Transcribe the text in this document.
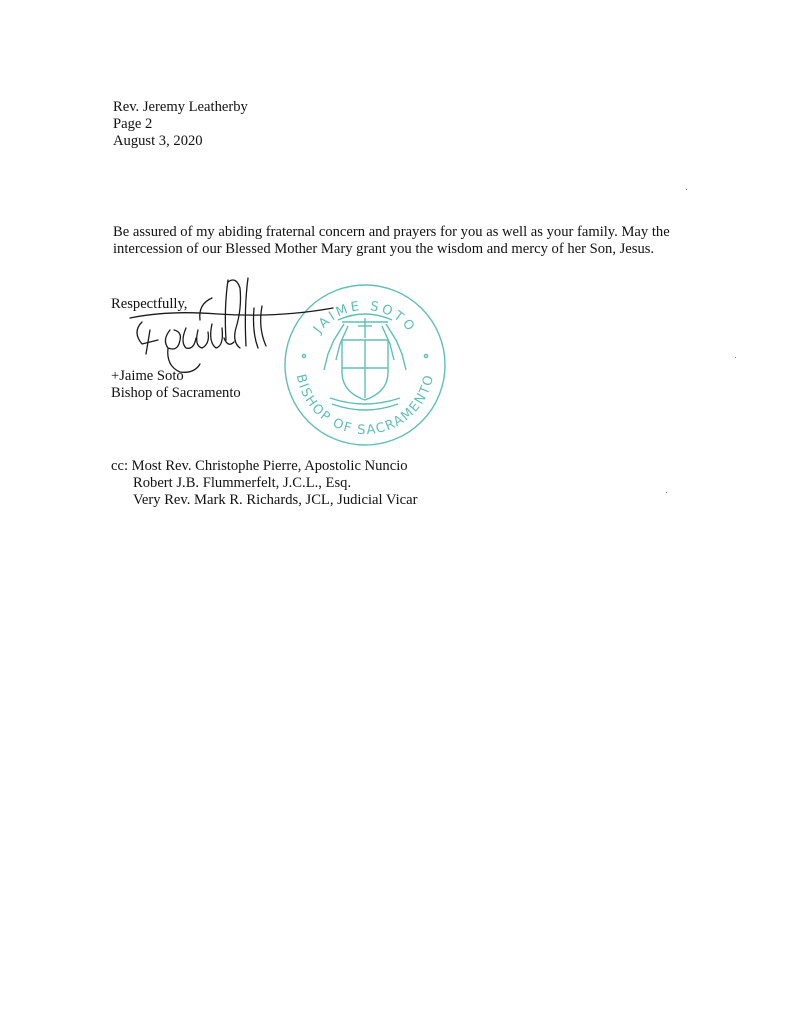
Rev. Jeremy Leatherby
Page 2
August 3, 2020
Be assured of my abiding fraternal concern and prayers for you as well as your family. May the
intercession of our Blessed Mother Mary grant you the wisdom and mercy of her Son, Jesus.
Respectfully,
+Jaime Soto
Bishop of Sacramento
JAIME SOTO
BISHOP OF SACRAMENTO
cc: Most Rev. Christophe Pierre, Apostolic Nuncio
Robert J.B. Flummerfelt, J.C.L., Esq.
Very Rev. Mark R. Richards, JCL, Judicial Vicar
